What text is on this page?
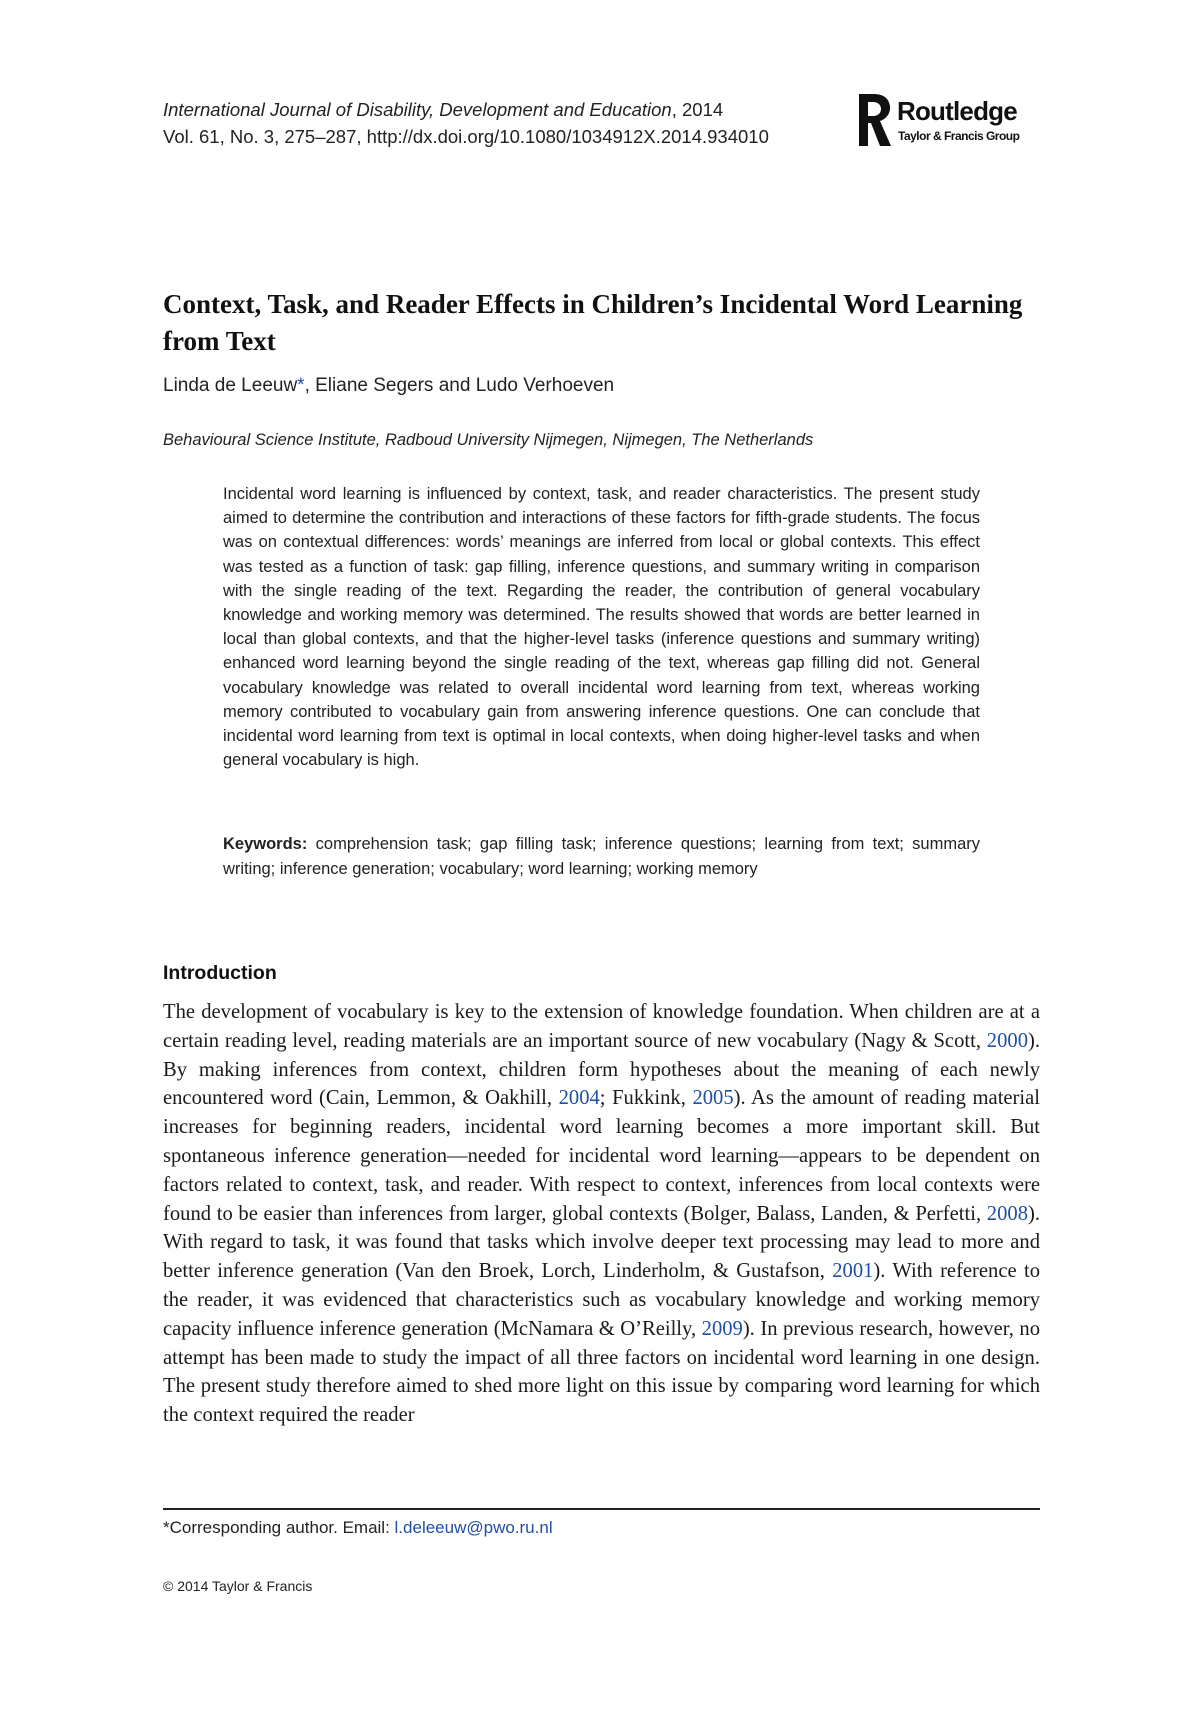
International Journal of Disability, Development and Education, 2014
Vol. 61, No. 3, 275–287, http://dx.doi.org/10.1080/1034912X.2014.934010
Routledge
Taylor & Francis Group
Context, Task, and Reader Effects in Children’s Incidental Word Learning from Text
Linda de Leeuw*, Eliane Segers and Ludo Verhoeven
Behavioural Science Institute, Radboud University Nijmegen, Nijmegen, The Netherlands

Incidental word learning is influenced by context, task, and reader characteristics. The present study aimed to determine the contribution and interactions of these factors for fifth-grade students. The focus was on contextual differences: words’ meanings are inferred from local or global contexts. This effect was tested as a function of task: gap filling, inference questions, and summary writing in comparison with the single reading of the text. Regarding the reader, the contribution of general vocabulary knowledge and working memory was determined. The results showed that words are better learned in local than global contexts, and that the higher-level tasks (inference questions and summary writing) enhanced word learning beyond the single reading of the text, whereas gap filling did not. General vocabulary knowledge was related to overall incidental word learning from text, whereas working memory contributed to vocabulary gain from answering inference questions. One can conclude that incidental word learning from text is optimal in local contexts, when doing higher-level tasks and when general vocabulary is high.

Keywords: comprehension task; gap filling task; inference questions; learning from text; summary writing; inference generation; vocabulary; word learning; working memory

Introduction

The development of vocabulary is key to the extension of knowledge foundation. When children are at a certain reading level, reading materials are an important source of new vocabulary (Nagy & Scott, 2000). By making inferences from context, children form hypotheses about the meaning of each newly encountered word (Cain, Lemmon, & Oakhill, 2004; Fukkink, 2005). As the amount of reading material increases for beginning readers, incidental word learning becomes a more important skill. But spontaneous inference generation—needed for incidental word learning—appears to be dependent on factors related to context, task, and reader. With respect to context, inferences from local contexts were found to be easier than inferences from larger, global contexts (Bolger, Balass, Landen, & Perfetti, 2008). With regard to task, it was found that tasks which involve deeper text processing may lead to more and better inference generation (Van den Broek, Lorch, Linderholm, & Gustafson, 2001). With reference to the reader, it was evidenced that characteristics such as vocabulary knowledge and working memory capacity influence inference generation (McNamara & O’Reilly, 2009). In previous research, however, no attempt has been made to study the impact of all three factors on incidental word learning in one design. The present study therefore aimed to shed more light on this issue by comparing word learning for which the context required the reader

*Corresponding author. Email: l.deleeuw@pwo.ru.nl
© 2014 Taylor & Francis
